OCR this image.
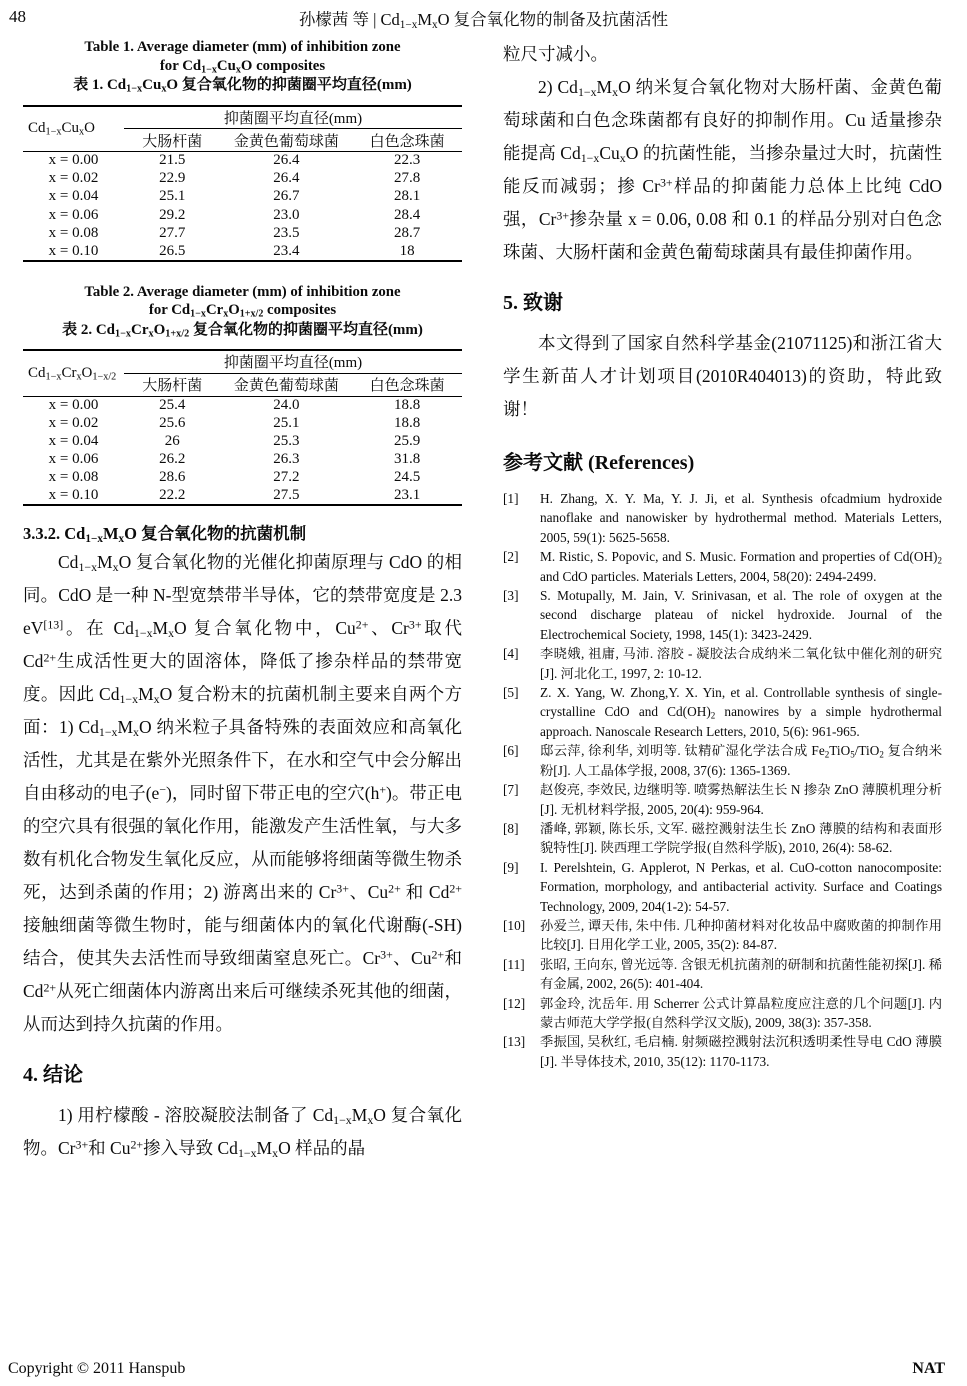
48	孙檬茜 等 | $Cd_{1-x}M_xO$ 复合氧化物的制备及抗菌活性
Table 1. Average diameter (mm) of inhibition zone
for $Cd_{1-x}Cu_xO$ composites
表 1. $Cd_{1-x}Cu_xO$ 复合氧化物的抑菌圈平均直径(mm)
$Cd_{1-x}Cu_xO$	抑菌圈平均直径(mm)		
	大肠杆菌	金黄色葡萄球菌	白色念珠菌
x = 0.00	21.5	26.4	22.3
x = 0.02	22.9	26.4	27.8
x = 0.04	25.1	26.7	28.1
x = 0.06	29.2	23.0	28.4
x = 0.08	27.7	23.5	28.7
x = 0.10	26.5	23.4	18
Table 2. Average diameter (mm) of inhibition zone
for $Cd_{1-x}Cr_xO_{1+x/2}$ composites
表 2. $Cd_{1-x}Cr_xO_{1+x/2}$ 复合氧化物的抑菌圈平均直径(mm)
$Cd_{1-x}Cr_xO_{1-x/2}$	抑菌圈平均直径(mm)		
	大肠杆菌	金黄色葡萄球菌	白色念珠菌
x = 0.00	25.4	24.0	18.8
x = 0.02	25.6	25.1	18.8
x = 0.04	26	25.3	25.9
x = 0.06	26.2	26.3	31.8
x = 0.08	28.6	27.2	24.5
x = 0.10	22.2	27.5	23.1
3.3.2. $Cd_{1-x}M_xO$ 复合氧化物的抗菌机制

$Cd_{1-x}M_xO$ 复合氧化物的光催化抑菌原理与 CdO 的相同。CdO 是一种 N-型宽禁带半导体，它的禁带宽度是 2.3 eV[13]。在 $Cd_{1-x}M_xO$ 复合氧化物中，$Cu^{2+}$、$Cr^{3+}$取代 $Cd^{2+}$生成活性更大的固溶体，降低了掺杂样品的禁带宽度。因此 $Cd_{1-x}M_xO$ 复合粉末的抗菌机制主要来自两个方面：1) $Cd_{1-x}M_xO$ 纳米粒子具备特殊的表面效应和高氧化活性，尤其是在紫外光照条件下，在水和空气中会分解出自由移动的电子(e−)，同时留下带正电的空穴(h+)。带正电的空穴具有很强的氧化作用，能激发产生活性氧，与大多数有机化合物发生氧化反应，从而能够将细菌等微生物杀死，达到杀菌的作用；2) 游离出来的 $Cr^{3+}$、$Cu^{2+}$ 和 $Cd^{2+}$ 接触细菌等微生物时，能与细菌体内的氧化代谢酶(-SH)结合，使其失去活性而导致细菌窒息死亡。$Cr^{3+}$、$Cu^{2+}$和 $Cd^{2+}$从死亡细菌体内游离出来后可继续杀死其他的细菌，从而达到持久抗菌的作用。

4. 结论

1) 用柠檬酸 - 溶胶凝胶法制备了 $Cd_{1-x}M_xO$ 复合氧化物。$Cr^{3+}$和 $Cu^{2+}$掺入导致 $Cd_{1-x}M_xO$ 样品的晶

粒尺寸减小。

2) $Cd_{1-x}M_xO$ 纳米复合氧化物对大肠杆菌、金黄色葡萄球菌和白色念珠菌都有良好的抑制作用。Cu 适量掺杂能提高 $Cd_{1-x}Cu_xO$ 的抗菌性能，当掺杂量过大时，抗菌性能反而减弱；掺 $Cr^{3+}$样品的抑菌能力总体上比纯 CdO 强，$Cr^{3+}$掺杂量 x = 0.06, 0.08 和 0.1 的样品分别对白色念珠菌、大肠杆菌和金黄色葡萄球菌具有最佳抑菌作用。

5. 致谢

本文得到了国家自然科学基金(21071125)和浙江省大学生新苗人才计划项目(2010R404013)的资助，特此致谢！

参考文献 (References)
[1]	H. Zhang, X. Y. Ma, Y. J. Ji, et al. Synthesis ofcadmium hydroxide nanoflake and nanowisker by hydrothermal method. Materials Letters, 2005, 59(1): 5625-5658.
[2]	M. Ristic, S. Popovic, and S. Music. Formation and properties of $Cd(OH)_2$ and CdO particles. Materials Letters, 2004, 58(20): 2494-2499.
[3]	S. Motupally, M. Jain, V. Srinivasan, et al. The role of oxygen at the second discharge plateau of nickel hydroxide. Journal of the Electrochemical Society, 1998, 145(1): 3423-2429.
[4]	李晓娥, 祖庸, 马沛. 溶胶 - 凝胶法合成纳米二氧化钛中催化剂的研究[J]. 河北化工, 1997, 2: 10-12.
[5]	Z. X. Yang, W. Zhong,Y. X. Yin, et al. Controllable synthesis of single-crystalline CdO and $Cd(OH)_2$ nanowires by a simple hydrothermal approach. Nanoscale Research Letters, 2010, 5(6): 961-965.
[6]	邸云萍, 徐利华, 刘明等. 钛精矿湿化学法合成 $Fe_2TiO_5/TiO_2$ 复合纳米粉[J]. 人工晶体学报, 2008, 37(6): 1365-1369.
[7]	赵俊亮, 李效民, 边继明等. 喷雾热解法生长 N 掺杂 ZnO 薄膜机理分析[J]. 无机材料学报, 2005, 20(4): 959-964.
[8]	潘峰, 郭颖, 陈长乐, 文军. 磁控溅射法生长 ZnO 薄膜的结构和表面形貌特性[J]. 陕西理工学院学报(自然科学版), 2010, 26(4): 58-62.
[9]	I. Perelshtein, G. Applerot, N Perkas, et al. CuO-cotton nanocomposite: Formation, morphology, and antibacterial activity. Surface and Coatings Technology, 2009, 204(1-2): 54-57.
[10]	孙爱兰, 谭天伟, 朱中伟. 几种抑菌材料对化妆品中腐败菌的抑制作用比较[J]. 日用化学工业, 2005, 35(2): 84-87.
[11]	张昭, 王向东, 曾光远等. 含银无机抗菌剂的研制和抗菌性能初探[J]. 稀有金属, 2002, 26(5): 401-404.
[12]	郭金玲, 沈岳年. 用 Scherrer 公式计算晶粒度应注意的几个问题[J]. 内蒙古师范大学学报(自然科学汉文版), 2009, 38(3): 357-358.
[13]	季振国, 吴秋红, 毛启楠. 射频磁控溅射法沉积透明柔性导电 CdO 薄膜[J]. 半导体技术, 2010, 35(12): 1170-1173.
Copyright © 2011 Hanspub	NAT
